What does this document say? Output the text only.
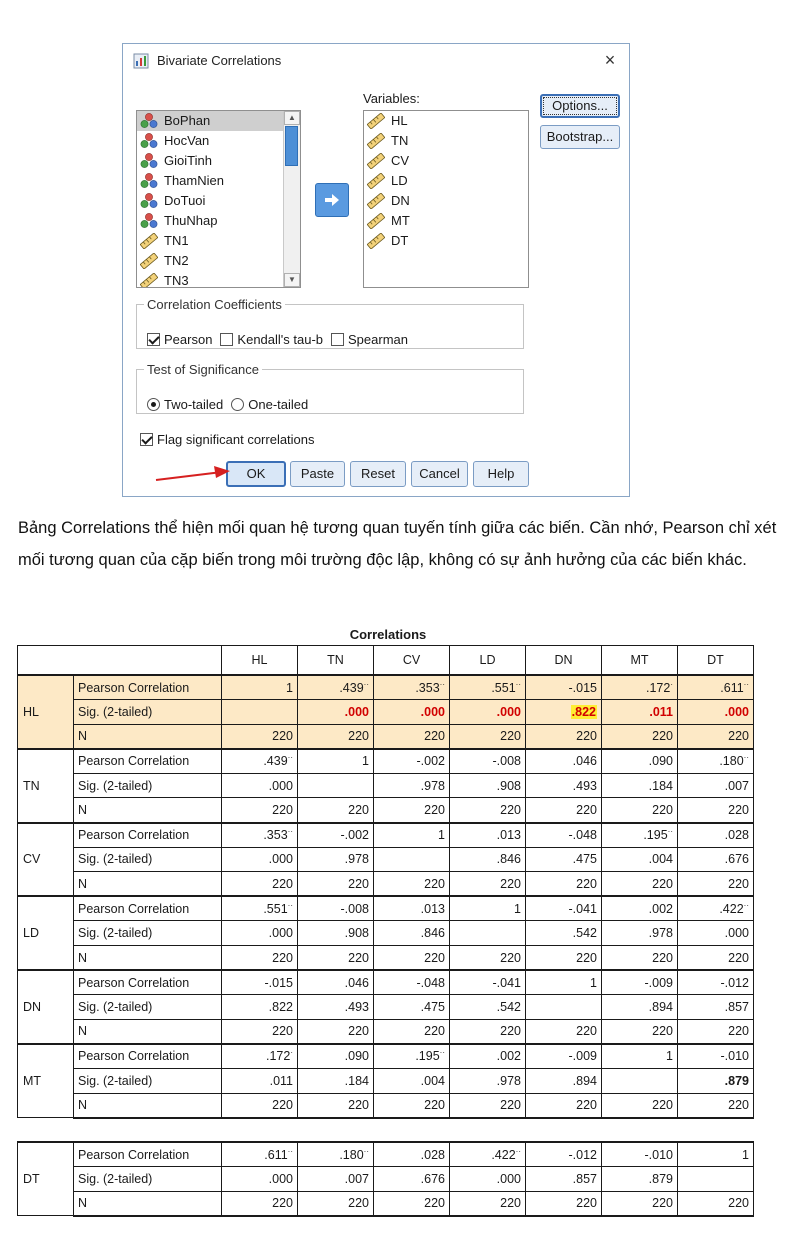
Bivariate Correlations	×
BoPhan
HocVan
GioiTinh
ThamNien
DoTuoi
ThuNhap
TN1
TN2
TN3
▲
▼
Variables:
HL
TN
CV
LD
DN
MT
DT
Options...
Bootstrap...
Correlation Coefficients
Pearson Kendall's tau-b Spearman
Test of Significance
Two-tailed One-tailed
Flag significant correlations
OK	Paste	Reset	Cancel	Help
Bảng Correlations thể hiện mối quan hệ tương quan tuyến tính giữa các biến. Cần nhớ, Pearson chỉ xét mối tương quan của cặp biến trong môi trường độc lập, không có sự ảnh hưởng của các biến khác.
Correlations
		HL	TN	CV	LD	DN	MT	DT
HL	Pearson Correlation	1	.439··	.353··	.551··	-.015	.172·	.611··
	Sig. (2-tailed)		.000	.000	.000	.822	.011	.000
	N	220	220	220	220	220	220	220
TN	Pearson Correlation	.439··	1	-.002	-.008	.046	.090	.180··
	Sig. (2-tailed)	.000		.978	.908	.493	.184	.007
	N	220	220	220	220	220	220	220
CV	Pearson Correlation	.353··	-.002	1	.013	-.048	.195··	.028
	Sig. (2-tailed)	.000	.978		.846	.475	.004	.676
	N	220	220	220	220	220	220	220
LD	Pearson Correlation	.551··	-.008	.013	1	-.041	.002	.422··
	Sig. (2-tailed)	.000	.908	.846		.542	.978	.000
	N	220	220	220	220	220	220	220
DN	Pearson Correlation	-.015	.046	-.048	-.041	1	-.009	-.012
	Sig. (2-tailed)	.822	.493	.475	.542		.894	.857
	N	220	220	220	220	220	220	220
MT	Pearson Correlation	.172·	.090	.195··	.002	-.009	1	-.010
	Sig. (2-tailed)	.011	.184	.004	.978	.894		.879
	N	220	220	220	220	220	220	220
DT	Pearson Correlation	.611··	.180··	.028	.422··	-.012	-.010	1
	Sig. (2-tailed)	.000	.007	.676	.000	.857	.879	
	N	220	220	220	220	220	220	220
